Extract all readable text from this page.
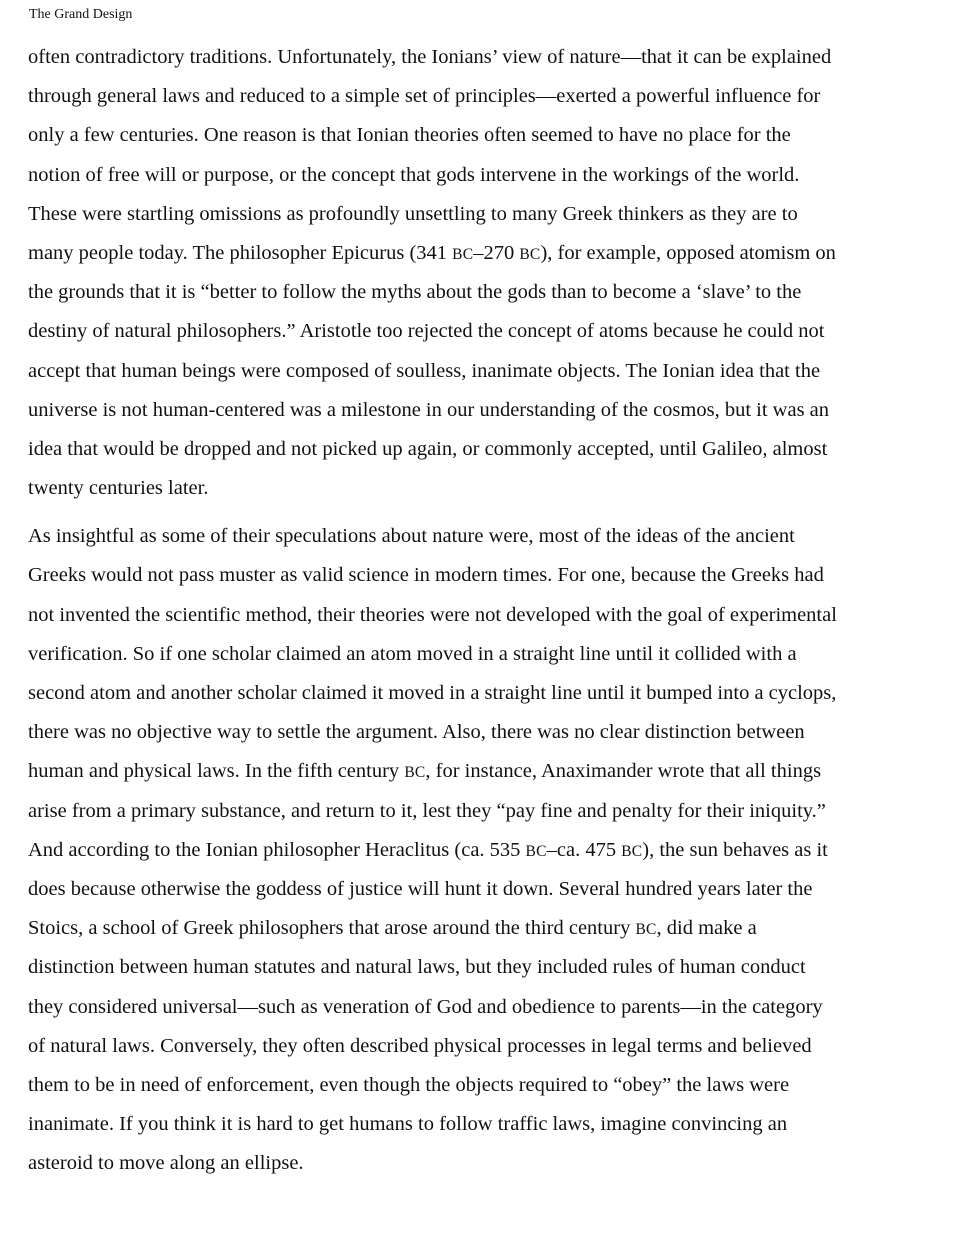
The Grand Design

often contradictory traditions. Unfortunately, the Ionians’ view of nature—that it can be explained
through general laws and reduced to a simple set of principles—exerted a powerful influence for
only a few centuries. One reason is that Ionian theories often seemed to have no place for the
notion of free will or purpose, or the concept that gods intervene in the workings of the world.
These were startling omissions as profoundly unsettling to many Greek thinkers as they are to
many people today. The philosopher Epicurus (341 BC–270 BC), for example, opposed atomism on
the grounds that it is “better to follow the myths about the gods than to become a ‘slave’ to the
destiny of natural philosophers.” Aristotle too rejected the concept of atoms because he could not
accept that human beings were composed of soulless, inanimate objects. The Ionian idea that the
universe is not human-centered was a milestone in our understanding of the cosmos, but it was an
idea that would be dropped and not picked up again, or commonly accepted, until Galileo, almost
twenty centuries later.

As insightful as some of their speculations about nature were, most of the ideas of the ancient
Greeks would not pass muster as valid science in modern times. For one, because the Greeks had
not invented the scientific method, their theories were not developed with the goal of experimental
verification. So if one scholar claimed an atom moved in a straight line until it collided with a
second atom and another scholar claimed it moved in a straight line until it bumped into a cyclops,
there was no objective way to settle the argument. Also, there was no clear distinction between
human and physical laws. In the fifth century BC, for instance, Anaximander wrote that all things
arise from a primary substance, and return to it, lest they “pay fine and penalty for their iniquity.”
And according to the Ionian philosopher Heraclitus (ca. 535 BC–ca. 475 BC), the sun behaves as it
does because otherwise the goddess of justice will hunt it down. Several hundred years later the
Stoics, a school of Greek philosophers that arose around the third century BC, did make a
distinction between human statutes and natural laws, but they included rules of human conduct
they considered universal—such as veneration of God and obedience to parents—in the category
of natural laws. Conversely, they often described physical processes in legal terms and believed
them to be in need of enforcement, even though the objects required to “obey” the laws were
inanimate. If you think it is hard to get humans to follow traffic laws, imagine convincing an
asteroid to move along an ellipse.
